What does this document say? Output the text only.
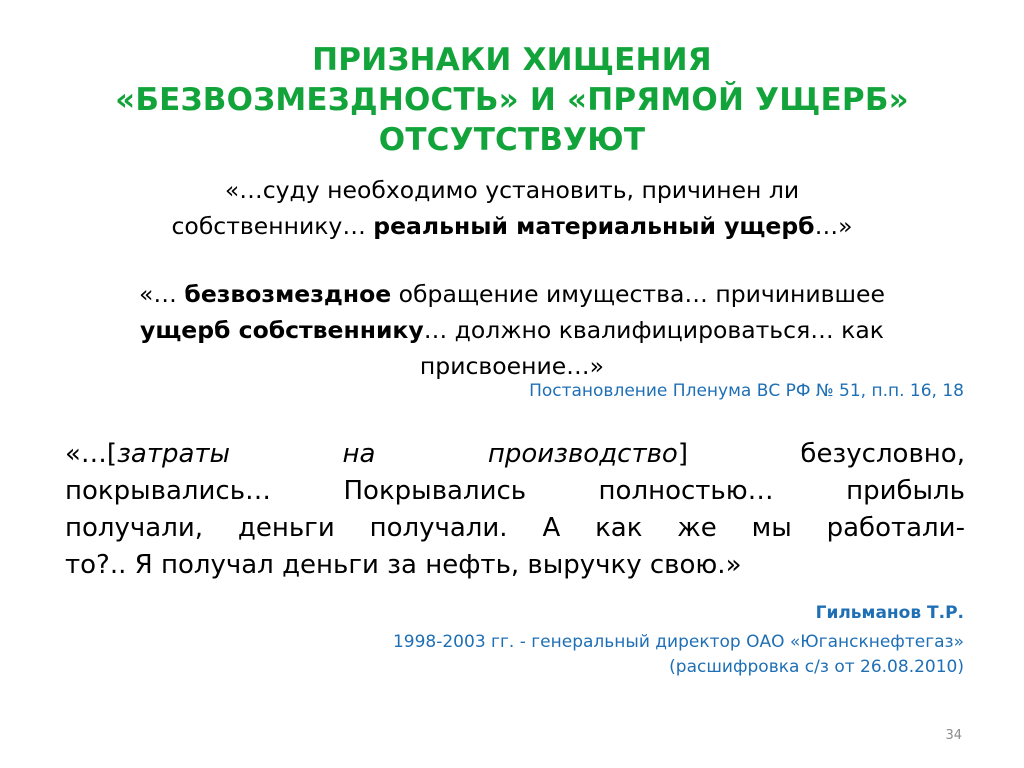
ПРИЗНАКИ ХИЩЕНИЯ
«БЕЗВОЗМЕЗДНОСТЬ» И «ПРЯМОЙ УЩЕРБ»
ОТСУТСТВУЮТ
«…суду необходимо установить, причинен ли
собственнику… реальный материальный ущерб…»
«… безвозмездное обращение имущества… причинившее
ущерб собственнику… должно квалифицироваться… как
присвоение…»
Постановление Пленума ВС РФ № 51, п.п. 16, 18
«…[затраты	на	производство]	безусловно,
покрывались…	Покрывались	полностью…	прибыль
получали, деньги получали. А как же мы работали-
то?.. Я получал деньги за нефть, выручку свою.»
Гильманов Т.Р.
1998-2003 гг. - генеральный директор ОАО «Юганскнефтегаз»
(расшифровка с/з от 26.08.2010)
34
